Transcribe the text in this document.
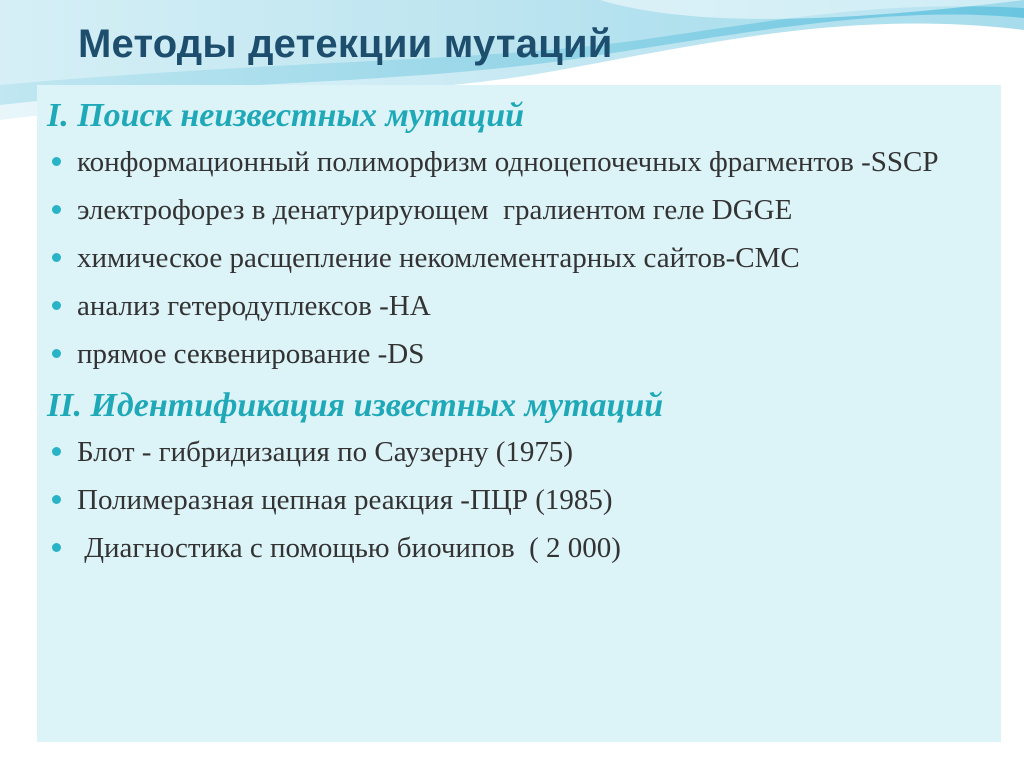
Методы детекции мутаций
I. Поиск неизвестных мутаций
конформационный полиморфизм одноцепочечных фрагментов -SSCP
электрофорез в денатурирующем  гралиентом геле DGGE
химическое расщепление некомлементарных сайтов-CMC
анализ гетеродуплексов -HA
прямое секвенирование -DS
II. Идентификация известных мутаций
Блот - гибридизация по Саузерну (1975)
Полимеразная цепная реакция -ПЦР (1985)
Диагностика с помощью биочипов  ( 2 000)
